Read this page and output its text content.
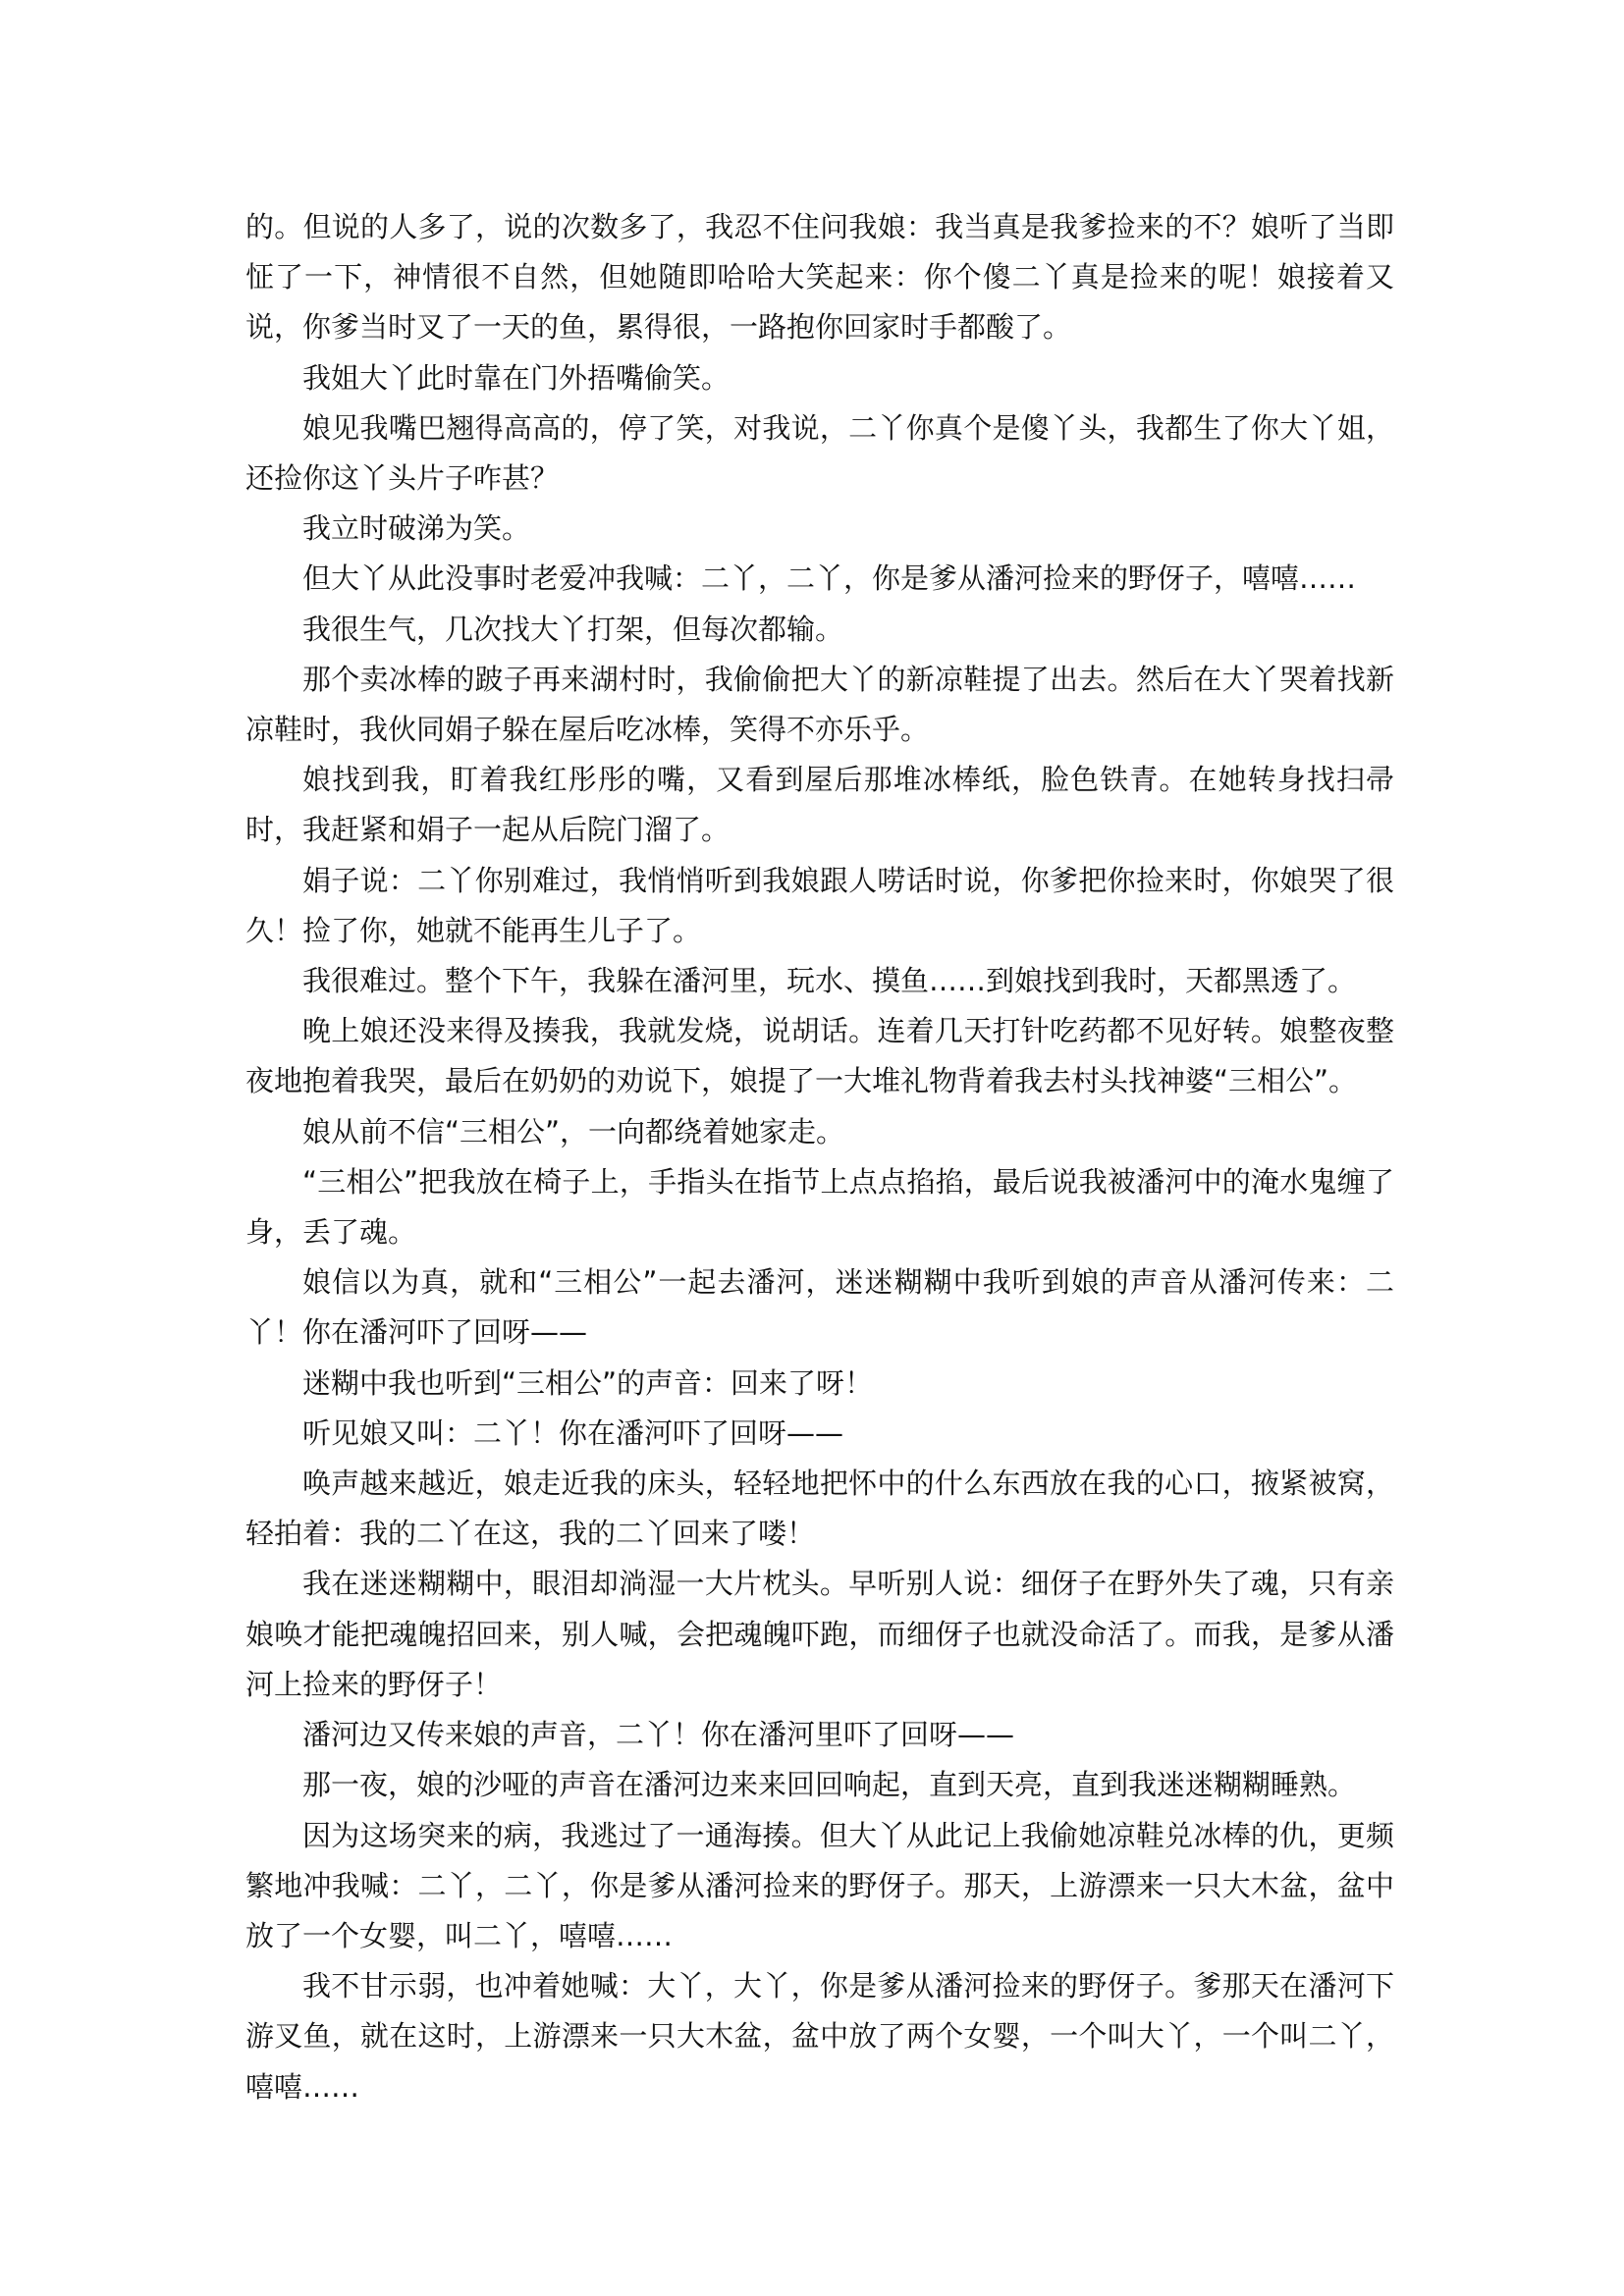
的。但说的人多了，说的次数多了，我忍不住问我娘：我当真是我爹捡来的不？娘听了当即怔了一下，神情很不自然，但她随即哈哈大笑起来：你个傻二丫真是捡来的呢！娘接着又说，你爹当时叉了一天的鱼，累得很，一路抱你回家时手都酸了。

我姐大丫此时靠在门外捂嘴偷笑。

娘见我嘴巴翘得高高的，停了笑，对我说，二丫你真个是傻丫头，我都生了你大丫姐，还捡你这丫头片子咋甚？

我立时破涕为笑。

但大丫从此没事时老爱冲我喊：二丫，二丫，你是爹从潘河捡来的野伢子，嘻嘻……

我很生气，几次找大丫打架，但每次都输。

那个卖冰棒的跛子再来湖村时，我偷偷把大丫的新凉鞋提了出去。然后在大丫哭着找新凉鞋时，我伙同娟子躲在屋后吃冰棒，笑得不亦乐乎。

娘找到我，盯着我红彤彤的嘴，又看到屋后那堆冰棒纸，脸色铁青。在她转身找扫帚时，我赶紧和娟子一起从后院门溜了。

娟子说：二丫你别难过，我悄悄听到我娘跟人唠话时说，你爹把你捡来时，你娘哭了很久！捡了你，她就不能再生儿子了。

我很难过。整个下午，我躲在潘河里，玩水、摸鱼……到娘找到我时，天都黑透了。

晚上娘还没来得及揍我，我就发烧，说胡话。连着几天打针吃药都不见好转。娘整夜整夜地抱着我哭，最后在奶奶的劝说下，娘提了一大堆礼物背着我去村头找神婆“三相公”。

娘从前不信“三相公”，一向都绕着她家走。

“三相公”把我放在椅子上，手指头在指节上点点掐掐，最后说我被潘河中的淹水鬼缠了身，丢了魂。

娘信以为真，就和“三相公”一起去潘河，迷迷糊糊中我听到娘的声音从潘河传来：二丫！你在潘河吓了回呀——

迷糊中我也听到“三相公”的声音：回来了呀！

听见娘又叫：二丫！你在潘河吓了回呀——

唤声越来越近，娘走近我的床头，轻轻地把怀中的什么东西放在我的心口，掖紧被窝，轻拍着：我的二丫在这，我的二丫回来了喽！

我在迷迷糊糊中，眼泪却淌湿一大片枕头。早听别人说：细伢子在野外失了魂，只有亲娘唤才能把魂魄招回来，别人喊，会把魂魄吓跑，而细伢子也就没命活了。而我，是爹从潘河上捡来的野伢子！

潘河边又传来娘的声音，二丫！你在潘河里吓了回呀——

那一夜，娘的沙哑的声音在潘河边来来回回响起，直到天亮，直到我迷迷糊糊睡熟。

因为这场突来的病，我逃过了一通海揍。但大丫从此记上我偷她凉鞋兑冰棒的仇，更频繁地冲我喊：二丫，二丫，你是爹从潘河捡来的野伢子。那天，上游漂来一只大木盆，盆中放了一个女婴，叫二丫，嘻嘻……

我不甘示弱，也冲着她喊：大丫，大丫，你是爹从潘河捡来的野伢子。爹那天在潘河下游叉鱼，就在这时，上游漂来一只大木盆，盆中放了两个女婴，一个叫大丫，一个叫二丫，嘻嘻……
